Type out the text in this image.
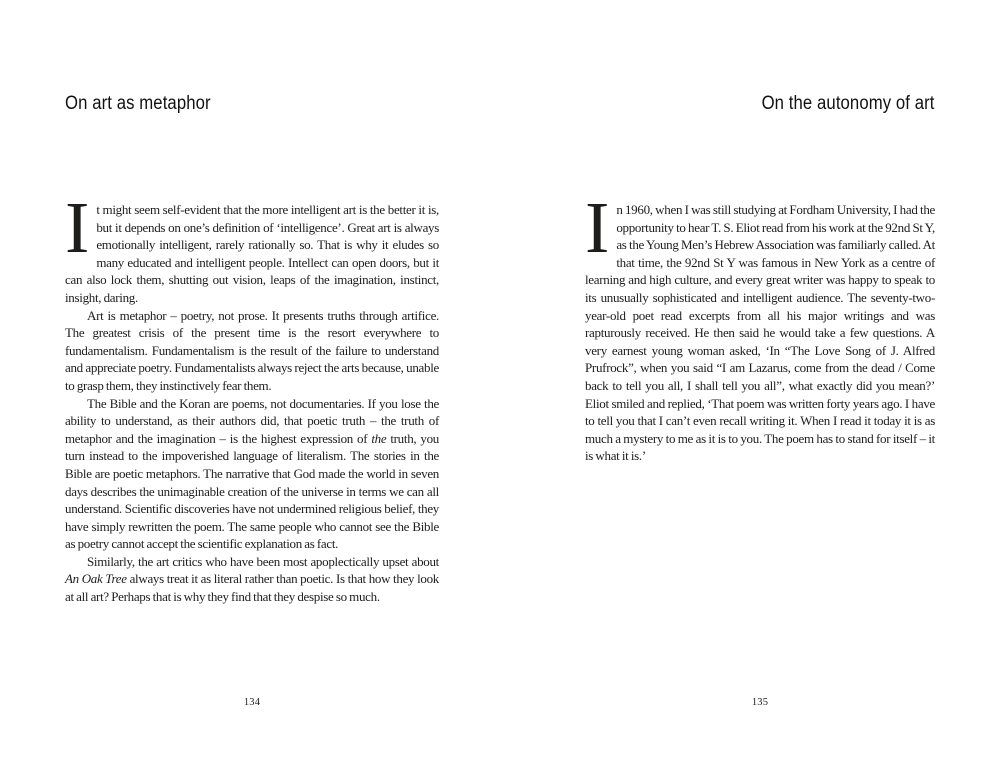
On art as metaphor

It might seem self-evident that the more intelligent art is the better it is, but it depends on one’s definition of ‘intelligence’. Great art is always emotionally intelligent, rarely rationally so. That is why it eludes so many educated and intelligent people. Intellect can open doors, but it can also lock them, shutting out vision, leaps of the imagination, instinct, insight, daring.

Art is metaphor – poetry, not prose. It presents truths through artifice. The greatest crisis of the present time is the resort everywhere to fundamentalism. Fundamentalism is the result of the failure to understand and appreciate poetry. Fundamentalists always reject the arts because, unable to grasp them, they instinctively fear them.

The Bible and the Koran are poems, not documentaries. If you lose the ability to understand, as their authors did, that poetic truth – the truth of metaphor and the imagination – is the highest expression of the truth, you turn instead to the impoverished language of literalism. The stories in the Bible are poetic metaphors. The narrative that God made the world in seven days describes the unimaginable creation of the universe in terms we can all understand. Scientific discoveries have not undermined religious belief, they have simply rewritten the poem. The same people who cannot see the Bible as poetry cannot accept the scientific explanation as fact.

Similarly, the art critics who have been most apoplectically upset about An Oak Tree always treat it as literal rather than poetic. Is that how they look at all art? Perhaps that is why they find that they despise so much.

134
On the autonomy of art

In 1960, when I was still studying at Fordham University, I had the opportunity to hear T. S. Eliot read from his work at the 92nd St Y, as the Young Men’s Hebrew Association was familiarly called. At that time, the 92nd St Y was famous in New York as a centre of learning and high culture, and every great writer was happy to speak to its unusually sophisticated and intelligent audience. The seventy-two-year-old poet read excerpts from all his major writings and was rapturously received. He then said he would take a few questions. A very earnest young woman asked, ‘In “The Love Song of J. Alfred Prufrock”, when you said “I am Lazarus, come from the dead / Come back to tell you all, I shall tell you all”, what exactly did you mean?’ Eliot smiled and replied, ‘That poem was written forty years ago. I have to tell you that I can’t even recall writing it. When I read it today it is as much a mystery to me as it is to you. The poem has to stand for itself – it is what it is.’

135
